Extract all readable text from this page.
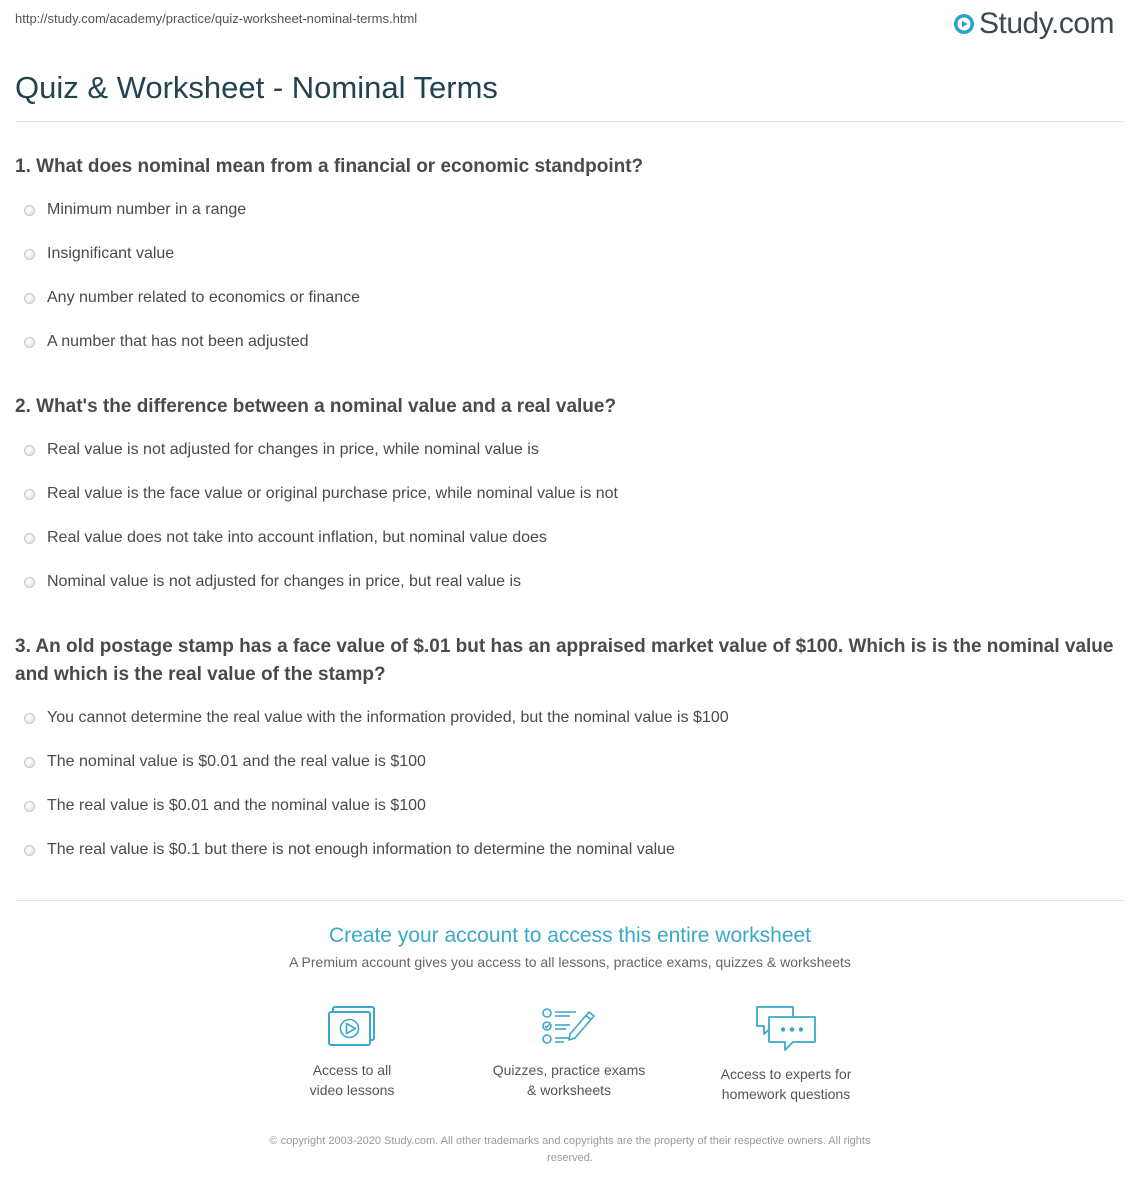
http://study.com/academy/practice/quiz-worksheet-nominal-terms.html	Study.com
Quiz & Worksheet - Nominal Terms
1. What does nominal mean from a financial or economic standpoint?
Minimum number in a range
Insignificant value
Any number related to economics or finance
A number that has not been adjusted
2. What's the difference between a nominal value and a real value?
Real value is not adjusted for changes in price, while nominal value is
Real value is the face value or original purchase price, while nominal value is not
Real value does not take into account inflation, but nominal value does
Nominal value is not adjusted for changes in price, but real value is
3. An old postage stamp has a face value of $.01 but has an appraised market value of $100. Which is is the nominal value and which is the real value of the stamp?
You cannot determine the real value with the information provided, but the nominal value is $100
The nominal value is $0.01 and the real value is $100
The real value is $0.01 and the nominal value is $100
The real value is $0.1 but there is not enough information to determine the nominal value
Create your account to access this entire worksheet
A Premium account gives you access to all lessons, practice exams, quizzes & worksheets
Access to all
video lessons
Quizzes, practice exams
& worksheets
Access to experts for
homework questions
© copyright 2003-2020 Study.com. All other trademarks and copyrights are the property of their respective owners. All rights
reserved.
